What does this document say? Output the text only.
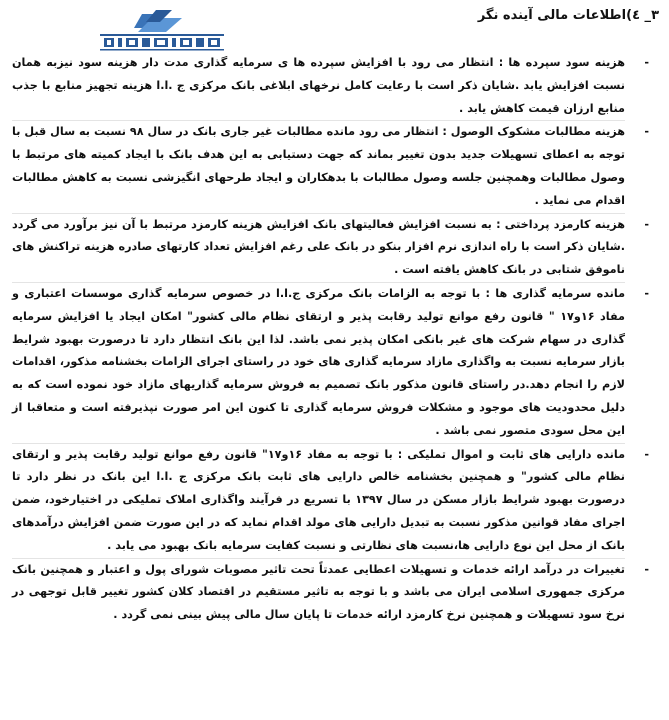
۳_ ٤)اطلاعات مالی آینده نگر
-
هزینه سود سپرده ها : انتظار می رود با افزایش سپرده ها ی سرمایه گذاری مدت دار هزینه سود نیزبه همان نسبت افزایش یابد .شایان ذکر است با رعایت کامل نرخهای ابلاغی بانک مرکزی ج .ا.ا هزینه تجهیز منابع با جذب منابع ارزان قیمت کاهش یابد .
-
هزینه مطالبات مشکوک الوصول : انتظار می رود مانده مطالبات غیر جاری بانک در سال ۹۸ نسبت به سال قبل با توجه به اعطای تسهیلات جدید بدون تغییر بماند که جهت دستیابی به این هدف بانک با ایجاد کمیته های مرتبط با وصول مطالبات وهمچنین جلسه وصول مطالبات با بدهکاران و ایجاد طرحهای انگیزشی نسبت به کاهش مطالبات اقدام می نماید .
-
هزینه کارمزد پرداختی : به نسبت افزایش فعالیتهای بانک افزایش هزینه کارمزد مرتبط با آن نیز برآورد می گردد .شایان ذکر است با راه اندازی نرم افزار بنکو در بانک علی رغم افزایش تعداد کارتهای صادره هزینه تراکنش های ناموفق شتابی در بانک کاهش یافته است .
-
مانده سرمایه گذاری ها : با توجه به الزامات بانک مرکزی ج.ا.ا در خصوص سرمایه گذاری موسسات اعتباری و مفاد ۱۶و۱۷ " قانون رفع موانع تولید رقابت پذیر و ارتقای نظام مالی کشور" امکان ایجاد یا افزایش سرمایه گذاری در سهام شرکت های غیر بانکی امکان پذیر نمی باشد. لذا این بانک انتظار دارد تا درصورت بهبود شرایط بازار سرمایه نسبت به واگذاری مازاد سرمایه گذاری های خود در راستای اجرای الزامات بخشنامه مذکور، اقدامات لازم را انجام دهد.در راستای قانون مذکور بانک تصمیم به فروش سرمایه گذاریهای مازاد خود نموده است که به دلیل محدودیت های موجود و مشکلات فروش سرمایه گذاری تا کنون این امر صورت نپذیرفته است و متعاقبا از این محل سودی متصور نمی باشد .
-
مانده دارایی های ثابت و اموال تملیکی : با توجه به مفاد ۱۶و۱۷" قانون رفع موانع تولید رقابت پذیر و ارتقای نظام مالی کشور" و همچنین بخشنامه خالص دارایی های ثابت بانک مرکزی ج .ا.ا این بانک در نظر دارد تا درصورت بهبود شرایط بازار مسکن در سال ۱۳۹۷ با تسریع در فرآیند واگذاری املاک تملیکی در اختیارخود، ضمن اجرای مفاد قوانین مذکور نسبت به تبدیل دارایی های مولد اقدام نماید که در این صورت ضمن افزایش درآمدهای بانک از محل این نوع دارایی ها،نسبت های نظارتی و نسبت کفایت سرمایه بانک بهبود می یابد .
-
تغییرات در درآمد ارائه خدمات و تسهیلات اعطایی عمدتاً تحت تاثیر مصوبات شورای پول و اعتبار و همچنین بانک مرکزی جمهوری اسلامی ایران می باشد و با توجه به تاثیر مستقیم در اقتصاد کلان کشور تغییر قابل توجهی در نرخ سود تسهیلات و همچنین نرخ کارمزد ارائه خدمات تا پایان سال مالی پیش بینی نمی گردد .
